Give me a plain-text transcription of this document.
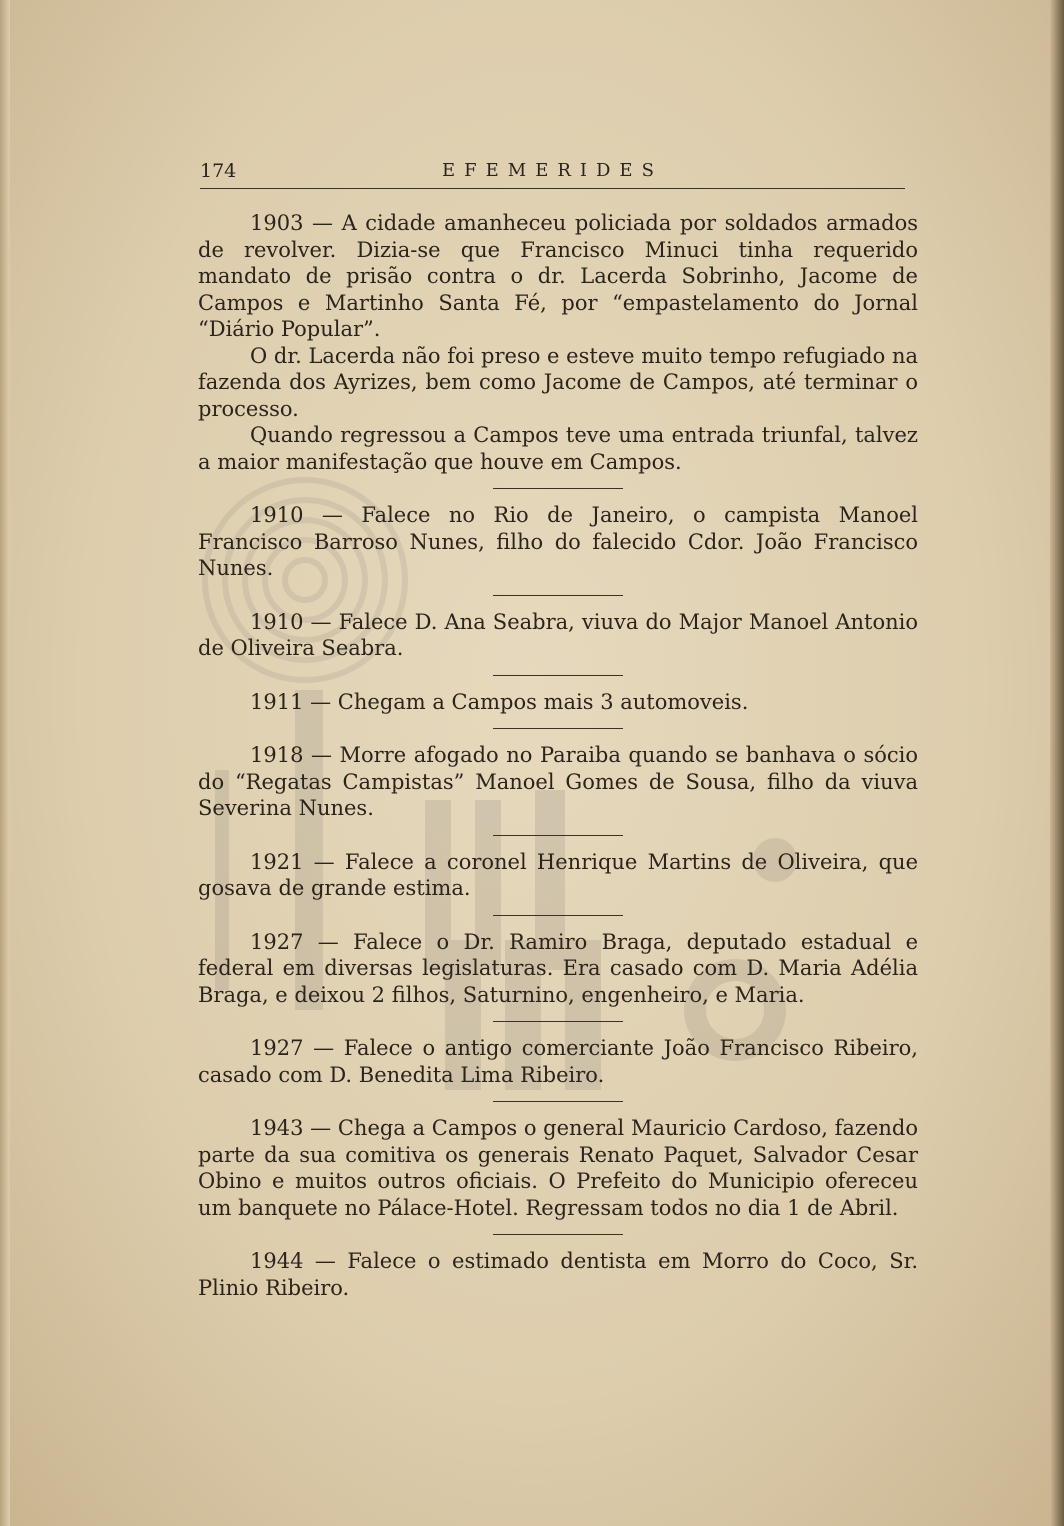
174	EFEMERIDES

1903 — A cidade amanheceu policiada por soldados armados de revolver. Dizia-se que Francisco Minuci tinha requerido mandato de prisão contra o dr. Lacerda Sobrinho, Jacome de Campos e Martinho Santa Fé, por “empastelamento do Jornal “Diário Popular”.

O dr. Lacerda não foi preso e esteve muito tempo refugiado na fazenda dos Ayrizes, bem como Jacome de Campos, até terminar o processo.

Quando regressou a Campos teve uma entrada triunfal, talvez a maior manifestação que houve em Campos.

1910 — Falece no Rio de Janeiro, o campista Manoel Francisco Barroso Nunes, filho do falecido Cdor. João Francisco Nunes.

1910 — Falece D. Ana Seabra, viuva do Major Manoel Antonio de Oliveira Seabra.

1911 — Chegam a Campos mais 3 automoveis.

1918 — Morre afogado no Paraiba quando se banhava o sócio do “Regatas Campistas” Manoel Gomes de Sousa, filho da viuva Severina Nunes.

1921 — Falece a coronel Henrique Martins de Oliveira, que gosava de grande estima.

1927 — Falece o Dr. Ramiro Braga, deputado estadual e federal em diversas legislaturas. Era casado com D. Maria Adélia Braga, e deixou 2 filhos, Saturnino, engenheiro, e Maria.

1927 — Falece o antigo comerciante João Francisco Ribeiro, casado com D. Benedita Lima Ribeiro.

1943 — Chega a Campos o general Mauricio Cardoso, fazendo parte da sua comitiva os generais Renato Paquet, Salvador Cesar Obino e muitos outros oficiais. O Prefeito do Municipio ofereceu um banquete no Pálace-Hotel. Regressam todos no dia 1 de Abril.

1944 — Falece o estimado dentista em Morro do Coco, Sr. Plinio Ribeiro.
